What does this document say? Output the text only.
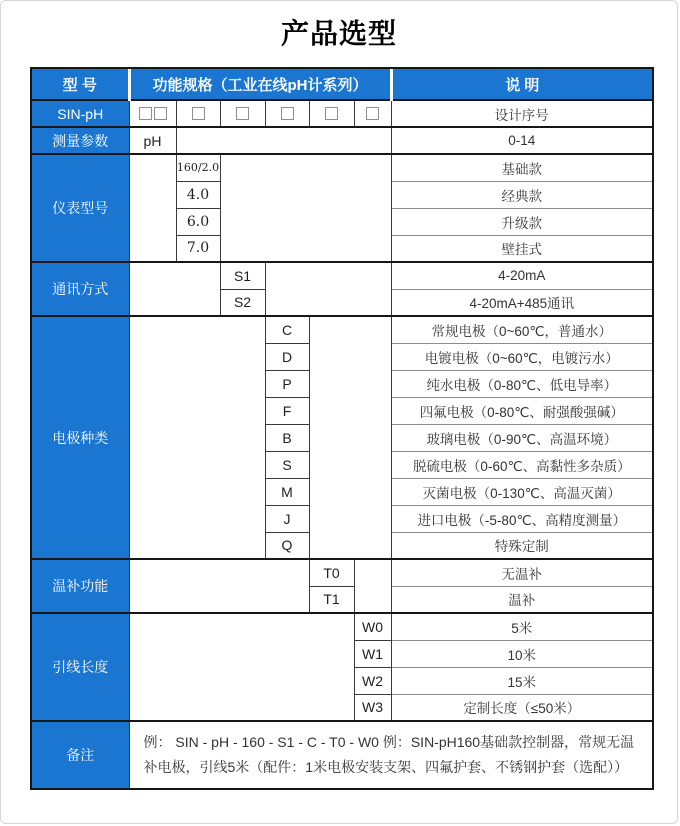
产品选型
型 号	功能规格（工业在线pH计系列）						说 明
SIN-pH							设计序号
测量参数	pH						0-14
仪表型号		160/2.0					基础款
		4.0					经典款
		6.0					升级款
		7.0					壁挂式
通讯方式			S1				4-20mA
			S2				4-20mA+485通讯
电极种类				C			常规电极（0~60℃，普通水）
				D			电镀电极（0~60℃，电镀污水）
				P			纯水电极（0-80℃、低电导率）
				F			四氟电极（0-80℃、耐强酸强碱）
				B			玻璃电极（0-90℃、高温环境）
				S			脱硫电极（0-60℃、高黏性多杂质）
				M			灭菌电极（0-130℃、高温灭菌）
				J			进口电极（-5-80℃、高精度测量）
				Q			特殊定制
温补功能					T0		无温补
					T1		温补
引线长度						W0	5米
						W1	10米
						W2	15米
						W3	定制长度（≤50米）
备注	例： SIN - pH - 160 - S1 - C - T0 - W0 例：SIN-pH160基础款控制器，常规无温补电极，引线5米（配件：1米电极安装支架、四氟护套、不锈钢护套（选配））						
